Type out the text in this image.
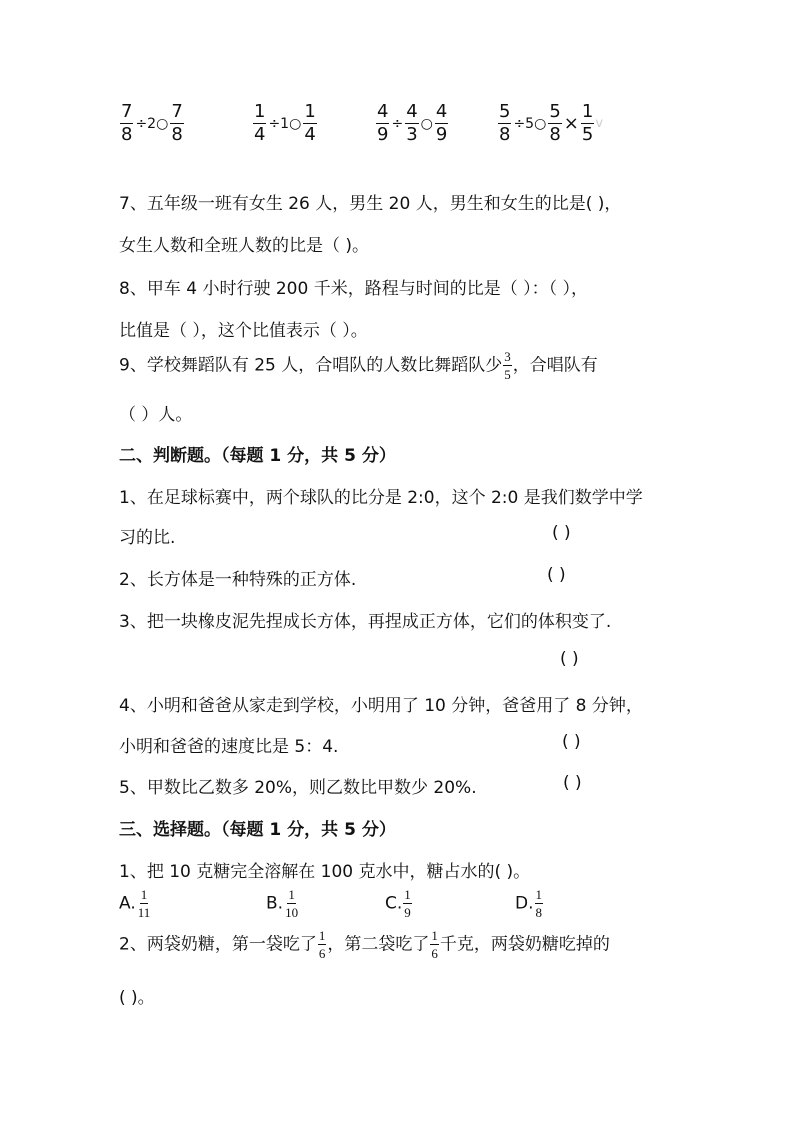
$\frac{7}{8}$ ÷2○ $\frac{7}{8}$	$\frac{1}{4}$ ÷1○ $\frac{1}{4}$	$\frac{4}{9} \div \frac{4}{3}$ ○ $\frac{4}{9}$	$\frac{5}{8}$ ÷5○ $\frac{5}{8} \times \frac{1}{5}$ v
7、五年级一班有女生 26 人，男生 20 人，男生和女生的比是( )，
女生人数和全班人数的比是（ )。
8、甲车 4 小时行驶 200 千米，路程与时间的比是（ ）：（ ），
比值是（ ），这个比值表示（ ）。
9、学校舞蹈队有 25 人，合唱队的人数比舞蹈队少 $\frac{3}{5}$ ，合唱队有
（ ）人。
二、判断题。（每题 1 分，共 5 分）
1、在足球标赛中，两个球队的比分是 2:0，这个 2:0 是我们数学中学
习的比.	( )
2、长方体是一种特殊的正方体.	( )
3、把一块橡皮泥先捏成长方体，再捏成正方体，它们的体积变了.
( )
4、小明和爸爸从家走到学校，小明用了 10 分钟，爸爸用了 8 分钟，
小明和爸爸的速度比是 5：4.	( )
5、甲数比乙数多 20%，则乙数比甲数少 20%.	( )
三、选择题。（每题 1 分，共 5 分）
1、把 10 克糖完全溶解在 100 克水中，糖占水的( )。
A. $\frac{1}{11}$	B. $\frac{1}{10}$	C. $\frac{1}{9}$	D. $\frac{1}{8}$
2、两袋奶糖，第一袋吃了 $\frac{1}{6}$ ，第二袋吃了 $\frac{1}{6}$ 千克，两袋奶糖吃掉的
( )。
